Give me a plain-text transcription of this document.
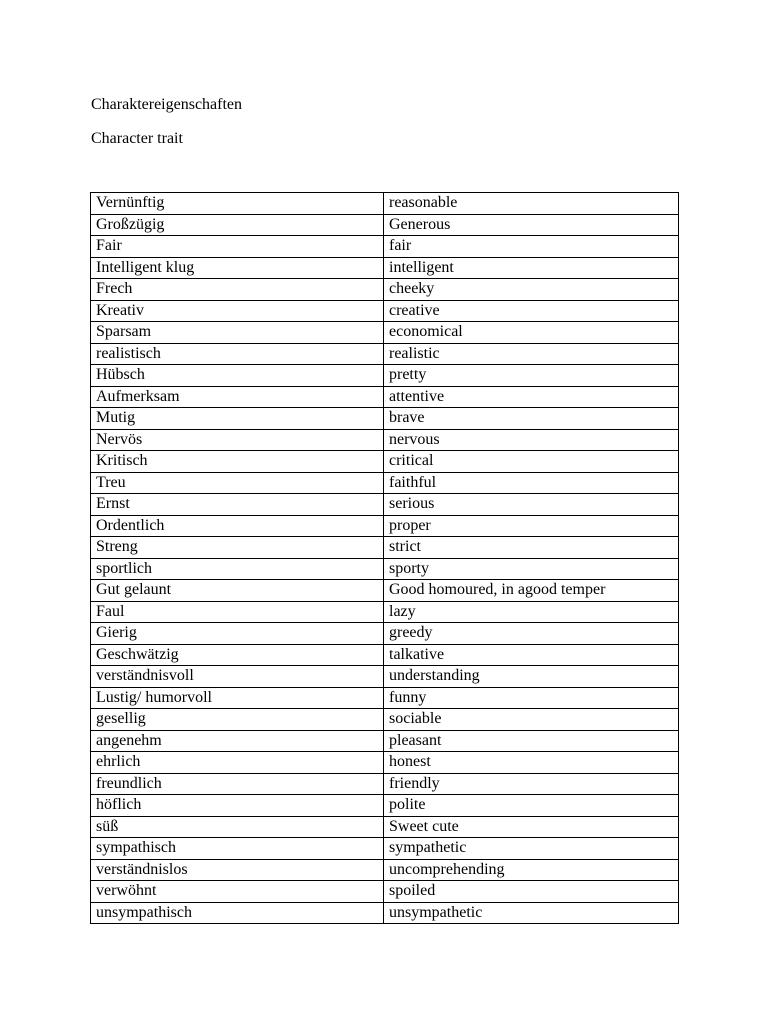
Charaktereigenschaften
Character trait
Vernünftig	reasonable
Großzügig	Generous
Fair	fair
Intelligent klug	intelligent
Frech	cheeky
Kreativ	creative
Sparsam	economical
realistisch	realistic
Hübsch	pretty
Aufmerksam	attentive
Mutig	brave
Nervös	nervous
Kritisch	critical
Treu	faithful
Ernst	serious
Ordentlich	proper
Streng	strict
sportlich	sporty
Gut gelaunt	Good homoured, in agood temper
Faul	lazy
Gierig	greedy
Geschwätzig	talkative
verständnisvoll	understanding
Lustig/ humorvoll	funny
gesellig	sociable
angenehm	pleasant
ehrlich	honest
freundlich	friendly
höflich	polite
süß	Sweet cute
sympathisch	sympathetic
verständnislos	uncomprehending
verwöhnt	spoiled
unsympathisch	unsympathetic
